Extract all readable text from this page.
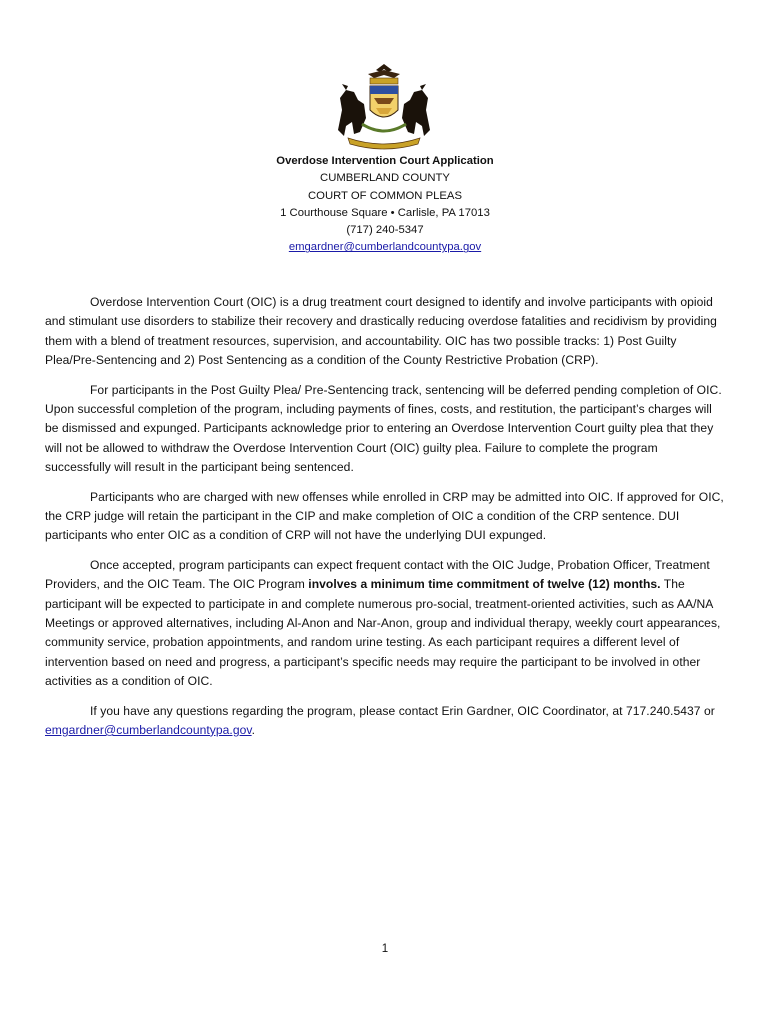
Overdose Intervention Court Application
CUMBERLAND COUNTY
COURT OF COMMON PLEAS
1 Courthouse Square • Carlisle, PA 17013
(717) 240-5347
emgardner@cumberlandcountypa.gov

Overdose Intervention Court (OIC) is a drug treatment court designed to identify and involve participants with opioid and stimulant use disorders to stabilize their recovery and drastically reducing overdose fatalities and recidivism by providing them with a blend of treatment resources, supervision, and accountability. OIC has two possible tracks: 1) Post Guilty Plea/Pre-Sentencing and 2) Post Sentencing as a condition of the County Restrictive Probation (CRP).

For participants in the Post Guilty Plea/ Pre-Sentencing track, sentencing will be deferred pending completion of OIC. Upon successful completion of the program, including payments of fines, costs, and restitution, the participant’s charges will be dismissed and expunged. Participants acknowledge prior to entering an Overdose Intervention Court guilty plea that they will not be allowed to withdraw the Overdose Intervention Court (OIC) guilty plea. Failure to complete the program successfully will result in the participant being sentenced.

Participants who are charged with new offenses while enrolled in CRP may be admitted into OIC. If approved for OIC, the CRP judge will retain the participant in the CIP and make completion of OIC a condition of the CRP sentence. DUI participants who enter OIC as a condition of CRP will not have the underlying DUI expunged.

Once accepted, program participants can expect frequent contact with the OIC Judge, Probation Officer, Treatment Providers, and the OIC Team. The OIC Program involves a minimum time commitment of twelve (12) months. The participant will be expected to participate in and complete numerous pro-social, treatment-oriented activities, such as AA/NA Meetings or approved alternatives, including Al-Anon and Nar-Anon, group and individual therapy, weekly court appearances, community service, probation appointments, and random urine testing. As each participant requires a different level of intervention based on need and progress, a participant’s specific needs may require the participant to be involved in other activities as a condition of OIC.

If you have any questions regarding the program, please contact Erin Gardner, OIC Coordinator, at 717.240.5437 or emgardner@cumberlandcountypa.gov.

1
